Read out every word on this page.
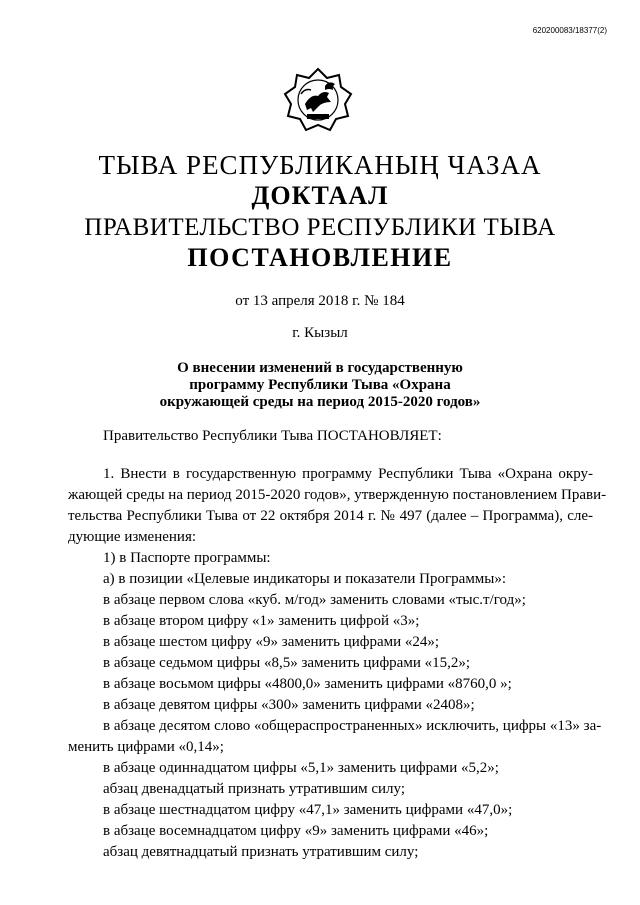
620200083/18377(2)
ТЫВА РЕСПУБЛИКАНЫҢ ЧАЗАА
ДОКТААЛ
ПРАВИТЕЛЬСТВО РЕСПУБЛИКИ ТЫВА
ПОСТАНОВЛЕНИЕ
от 13 апреля 2018 г. № 184
г. Кызыл
О внесении изменений в государственную
программу Республики Тыва «Охрана
окружающей среды на период 2015-2020 годов»
Правительство Республики Тыва ПОСТАНОВЛЯЕТ:
1. Внести в государственную программу Республики Тыва «Охрана окру-
жающей среды на период 2015-2020 годов», утвержденную постановлением Прави-
тельства Республики Тыва от 22 октября 2014 г. № 497 (далее – Программа), сле-
дующие изменения:
1) в Паспорте программы:
а) в позиции «Целевые индикаторы и показатели Программы»:
в абзаце первом слова «куб. м/год» заменить словами «тыс.т/год»;
в абзаце втором цифру «1» заменить цифрой «3»;
в абзаце шестом цифру «9» заменить цифрами «24»;
в абзаце седьмом цифры «8,5» заменить цифрами «15,2»;
в абзаце восьмом цифры «4800,0» заменить цифрами «8760,0 »;
в абзаце девятом цифры «300» заменить цифрами «2408»;
в абзаце десятом слово «общераспространенных» исключить, цифры «13» за-
менить цифрами «0,14»;
в абзаце одиннадцатом цифры «5,1» заменить цифрами «5,2»;
абзац двенадцатый признать утратившим силу;
в абзаце шестнадцатом цифру «47,1» заменить цифрами «47,0»;
в абзаце восемнадцатом цифру «9» заменить цифрами «46»;
абзац девятнадцатый признать утратившим силу;
